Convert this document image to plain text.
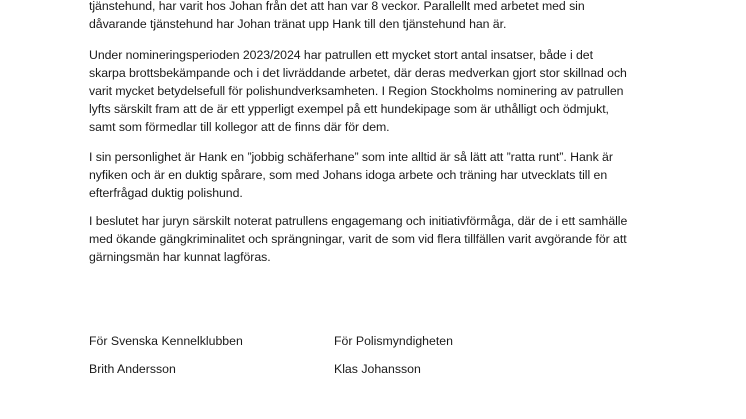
tjänstehund, har varit hos Johan från det att han var 8 veckor. Parallellt med arbetet med sin
dåvarande tjänstehund har Johan tränat upp Hank till den tjänstehund han är.

Under nomineringsperioden 2023/2024 har patrullen ett mycket stort antal insatser, både i det
skarpa brottsbekämpande och i det livräddande arbetet, där deras medverkan gjort stor skillnad och
varit mycket betydelsefull för polishundverksamheten. I Region Stockholms nominering av patrullen
lyfts särskilt fram att de är ett ypperligt exempel på ett hundekipage som är uthålligt och ödmjukt,
samt som förmedlar till kollegor att de finns där för dem.

I sin personlighet är Hank en ”jobbig schäferhane” som inte alltid är så lätt att ”ratta runt”. Hank är
nyfiken och är en duktig spårare, som med Johans idoga arbete och träning har utvecklats till en
efterfrågad duktig polishund.

I beslutet har juryn särskilt noterat patrullens engagemang och initiativförmåga, där de i ett samhälle
med ökande gängkriminalitet och sprängningar, varit de som vid flera tillfällen varit avgörande för att
gärningsmän har kunnat lagföras.

För Svenska Kennelklubben	För Polismyndigheten

Brith Andersson	Klas Johansson
